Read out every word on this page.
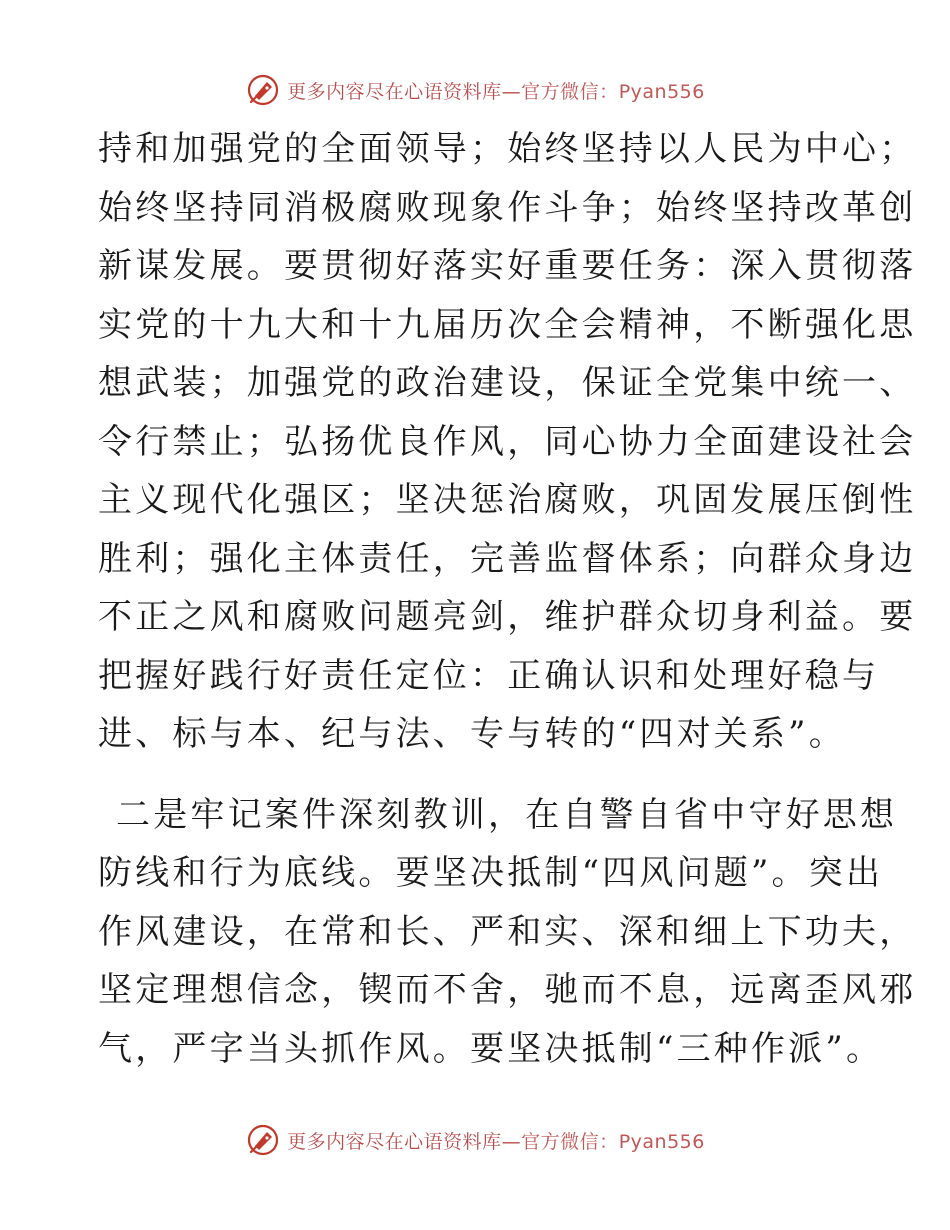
更多内容尽在心语资料库—官方微信：Pyan556
持和加强党的全面领导；始终坚持以人民为中心；
始终坚持同消极腐败现象作斗争；始终坚持改革创
新谋发展。要贯彻好落实好重要任务：深入贯彻落
实党的十九大和十九届历次全会精神，不断强化思
想武装；加强党的政治建设，保证全党集中统一、
令行禁止；弘扬优良作风，同心协力全面建设社会
主义现代化强区；坚决惩治腐败，巩固发展压倒性
胜利；强化主体责任，完善监督体系；向群众身边
不正之风和腐败问题亮剑，维护群众切身利益。要
把握好践行好责任定位：正确认识和处理好稳与
进、标与本、纪与法、专与转的“四对关系”。
二是牢记案件深刻教训，在自警自省中守好思想
防线和行为底线。要坚决抵制“四风问题”。突出
作风建设，在常和长、严和实、深和细上下功夫，
坚定理想信念，锲而不舍，驰而不息，远离歪风邪
气，严字当头抓作风。要坚决抵制“三种作派”。
更多内容尽在心语资料库—官方微信：Pyan556
